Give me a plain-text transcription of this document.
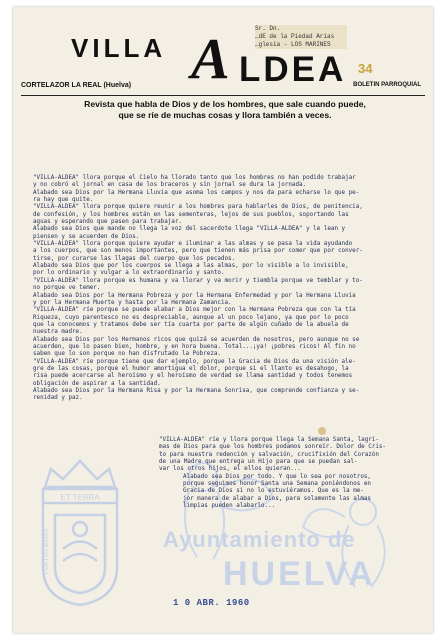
VILLA A LDEA
Sr. Dn.
…dE de la Piedad Arias
…glesia - LOS MARINES
34
CORTELAZOR LA REAL (Huelva)	BOLETIN PARROQUIAL
Revista que habla de Dios y de los hombres, que sale cuando puede,
que se ríe de muchas cosas y llora también a veces.
ET TERRA
PORTUS MARIS	Ayuntamiento de
HUELVA

"VILLA-ALDEA" llora porque el Cielo ha llorado tanto que los hombres no han podido trabajar

y no cobró el jornal en casa de los braceros y sin jornal se dura la jornada.

Alabado sea Dios por la Hermana Lluvia que asoma los campos y nos da para echarse lo que pe-

ra hay que quite.

"VILLA-ALDEA" llora porque quiere reunir a los hombres para hablarles de Dios, de penitencia,

de confesión, y los hombres están en las sementeras, lejos de sus pueblos, soportando las

aguas y esperando que pasen para trabajar.

Alabado sea Dios que mande no llega la voz del sacerdote llega "VILLA-ALDEA" y le lean y

piensen y se acuerden de Dios.

"VILLA-ALDEA" llora porque quiere ayudar e iluminar a las almas y se pasa la vida ayudando

a los cuerpos, que son menos importantes, pero que tienen más prisa por comer que por conver-

tirse, por curarse las llagas del cuerpo que los pecados.

Alabado sea Dios que por los cuerpos se llega a las almas, por lo visible a lo invisible,

por lo ordinario y vulgar a lo extraordinario y santo.

"VILLA-ALDEA" llora porque es humana y va llorar y va morir y tiembla porque ve temblar y to-

no porque ve temer.

Alabado sea Dios por la Hermana Pobreza y por la Hermana Enfermedad y por la Hermana Lluvia

y por la Hermana Muerte y hasta por la Hermana Zamancia.

"VILLA-ALDEA" ríe porque se puede alabar a Dios mejor con la Hermana Pobreza que con la tía

Riqueza, cuyo parentesco no es despreciable, aunque al un poco lejano, ya que por lo poco

que la conocemos y tratamos debe ser tía cuarta por parte de algún cuñado de la abuela de

nuestra madre.

Alabado sea Dios por los Hermanos ricos que quizá se acuerden de nosotros, pero aunque no se

acuerden, que lo pasen bien, hombre, y en hora buena. Total...¡ya! ¡pobres ricos! Al fin no

saben que lo son porque no han disfrutado la Pobreza.

"VILLA-ALDEA" ríe porque tiene que dar ejemplo, porque la Gracia de Dios da una visión ale-

gre de las cosas, porque el humor amortigua el dolor, porque si el llanto es desahogo, la

risa puede acercarse al heroísmo y el heroísmo de verdad se llama santidad y todos tenemos

obligación de aspirar a la santidad.

Alabado sea Dios por la Hermana Risa y por la Hermana Sonrisa, que comprende confianza y se-

renidad y paz.

"VILLA-ALDEA" ríe y llora porque llega la Semana Santa, lagri-

mas de Dios para que los hombres podamos sonreír. Dolor de Cris-

to para nuestra redención y salvación, crucifixión del Corazón

de una Madre que entrega un Hijo para que se puedan sal-

var los otros hijos, el ellos quieran...

Alabado sea Dios por todo. Y que lo sea por nosotros,

porque seguimos honor Santa una Semana poniéndonos en

Gracia de Dios si no lo estuviéramos. Que es la me-

jor manera de alabar a Dios, para solamente las almas

limpias pueden alabarlo...

1 0 ABR. 1960
